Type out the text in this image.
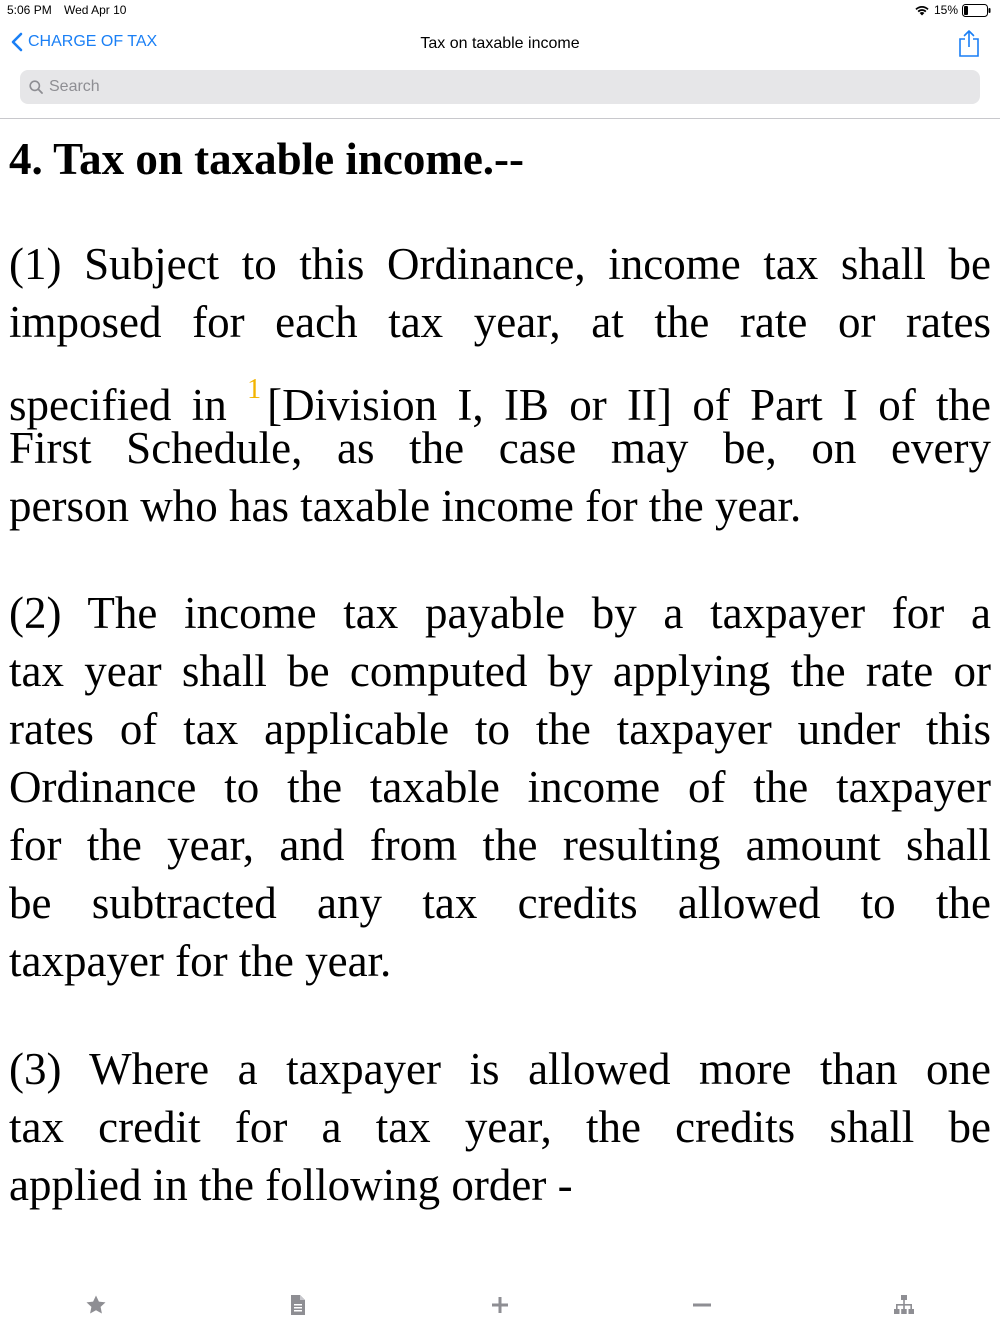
5:06 PM Wed Apr 10	15%
CHARGE OF TAX	Tax on taxable income
Search
4. Tax on taxable income.--
(1) Subject to this Ordinance, income tax shall be
imposed for each tax year, at the rate or rates
specified in $^1$ [Division I, IB or II] of Part I of the
First Schedule, as the case may be, on every
person who has taxable income for the year.
(2) The income tax payable by a taxpayer for a
tax year shall be computed by applying the rate or
rates of tax applicable to the taxpayer under this
Ordinance to the taxable income of the taxpayer
for the year, and from the resulting amount shall
be subtracted any tax credits allowed to the
taxpayer for the year.
(3) Where a taxpayer is allowed more than one
tax credit for a tax year, the credits shall be
applied in the following order -
